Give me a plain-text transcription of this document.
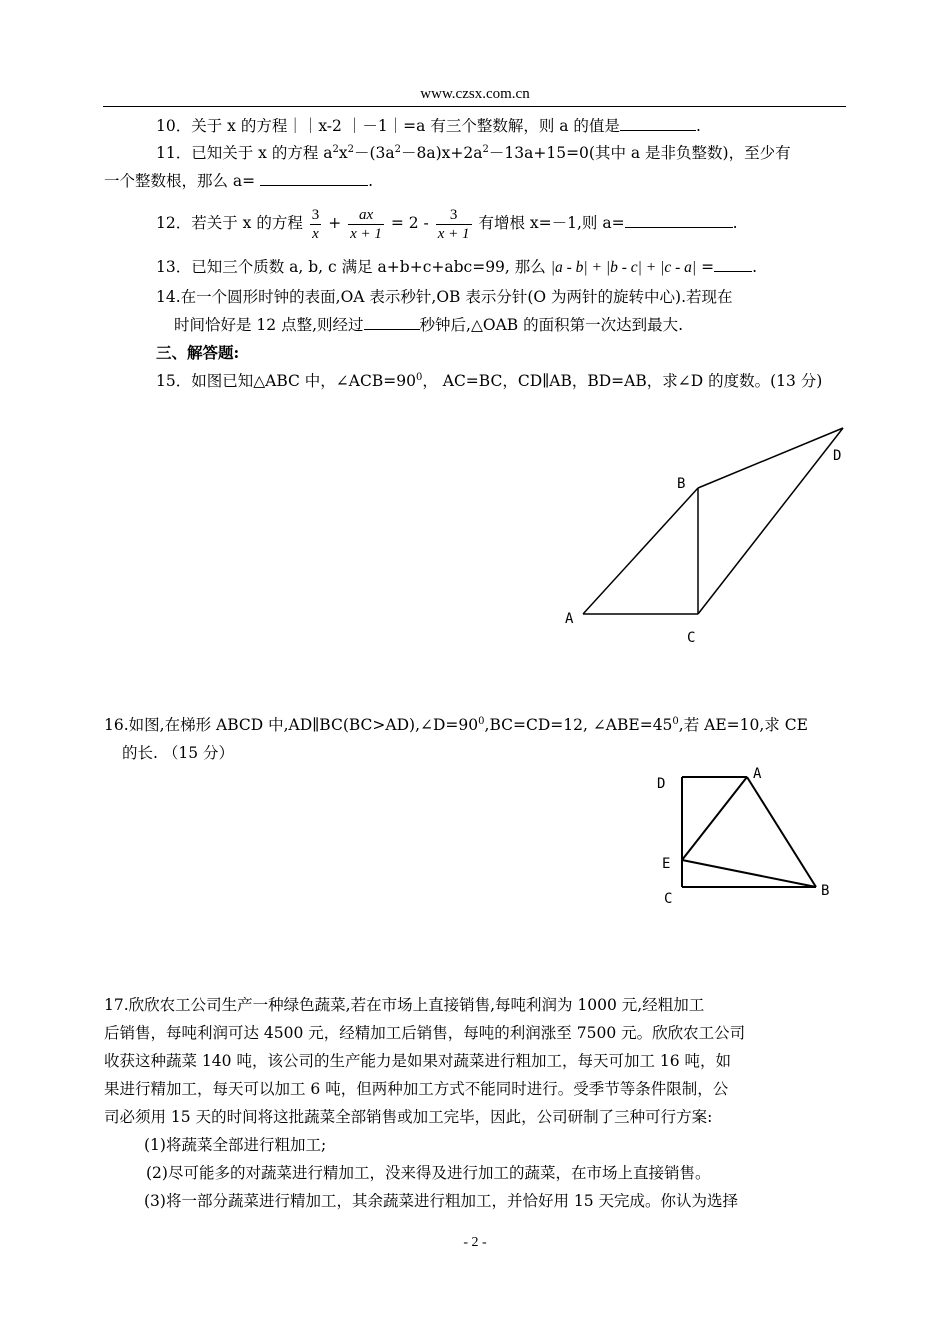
www.czsx.com.cn
10．关于 x 的方程｜｜x-2 ｜－1｜=a 有三个整数解，则 a 的值是	.
11．已知关于 x 的方程 $a^2x^2-(3a^2-8a)x+2a^2-13a+15=0$(其中 a 是非负整数)，至少有
一个整数根，那么 a=	.
12．若关于 x 的方程 $\frac{3}{x} + \frac{ax}{x + 1} = 2 - \frac{3}{x + 1}$ 有增根 x=－1,则 a=	.
13．已知三个质数 a, b, c 满足 a+b+c+abc=99, 那么 |a - b| + |b - c| + |c - a| = .
14.在一个圆形时钟的表面,OA 表示秒针,OB 表示分针(O 为两针的旋转中心).若现在
时间恰好是 12 点整,则经过	秒钟后,△OAB 的面积第一次达到最大.
三、解答题:
15．如图已知△ABC 中，$\angle ACB=90^0$， AC=BC，CD∥AB，BD=AB，求∠D 的度数。(13 分)
A
B
C
D
16.如图,在梯形 ABCD 中$,AD\parallel BC(BC>AD),\angle D=90^0,BC=CD=12$, $\angle ABE=45^0$,若 AE=10,求 CE
的长. （15 分）
D
A
E
C	B
17.欣欣农工公司生产一种绿色蔬菜,若在市场上直接销售,每吨利润为 1000 元,经粗加工
后销售，每吨利润可达 4500 元，经精加工后销售，每吨的利润涨至 7500 元。欣欣农工公司
收获这种蔬菜 140 吨，该公司的生产能力是如果对蔬菜进行粗加工，每天可加工 16 吨，如
果进行精加工，每天可以加工 6 吨，但两种加工方式不能同时进行。受季节等条件限制，公
司必须用 15 天的时间将这批蔬菜全部销售或加工完毕，因此，公司研制了三种可行方案:
(1)将蔬菜全部进行粗加工;
(2)尽可能多的对蔬菜进行精加工，没来得及进行加工的蔬菜，在市场上直接销售。
(3)将一部分蔬菜进行精加工，其余蔬菜进行粗加工，并恰好用 15 天完成。你认为选择
- 2 -
